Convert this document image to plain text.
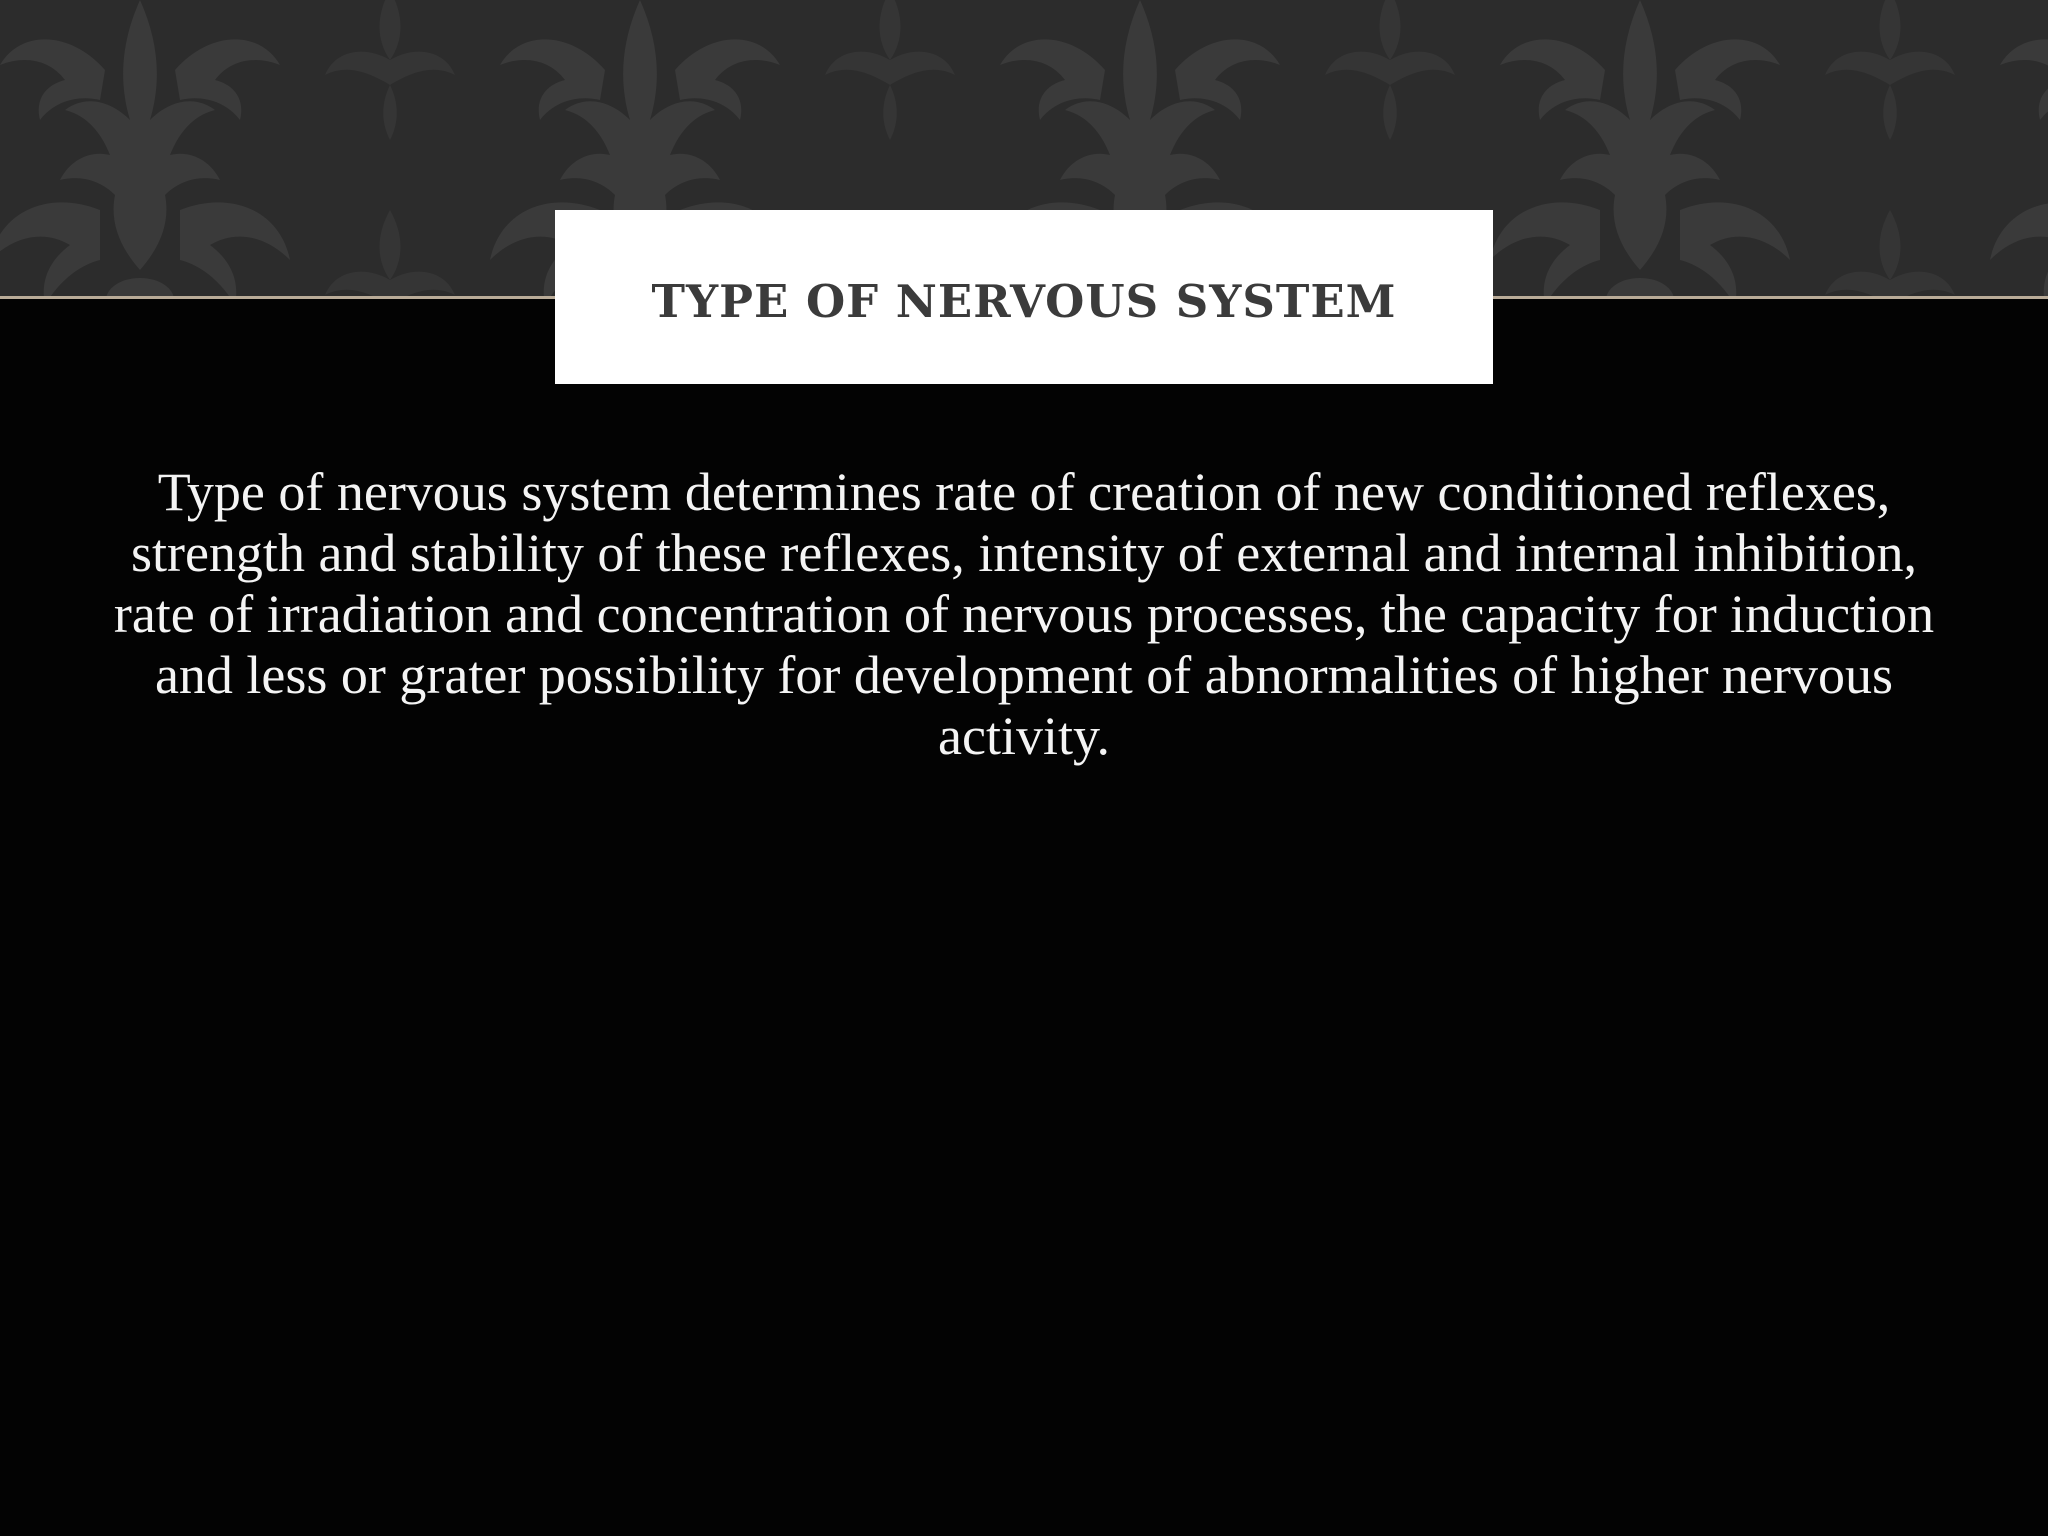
TYPE OF NERVOUS SYSTEM
Type of nervous system determines rate of creation of new conditioned reflexes, strength and stability of these reflexes, intensity of external and internal inhibition, rate of irradiation and concentration of nervous processes, the capacity for induction and less or grater possibility for development of abnormalities of higher nervous activity.
